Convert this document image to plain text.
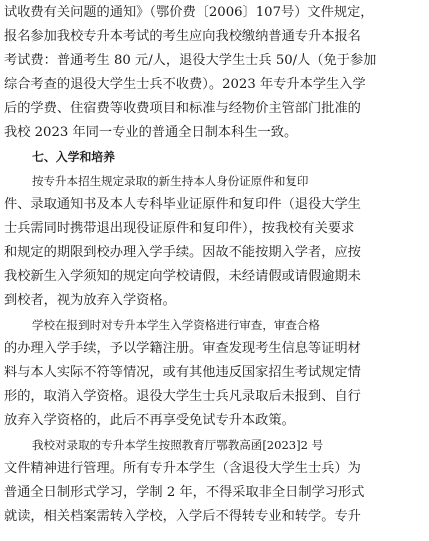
试收费有关问题的通知》（鄂价费〔2006〕107号）文件规定，
报名参加我校专升本考试的考生应向我校缴纳普通专升本报名
考试费：普通考生 80 元/人，退役大学生士兵 50/人（免于参加
综合考查的退役大学生士兵不收费）。2023 年专升本学生入学
后的学费、住宿费等收费项目和标准与经物价主管部门批准的
我校 2023 年同一专业的普通全日制本科生一致。
七、入学和培养
按专升本招生规定录取的新生持本人身份证原件和复印
件、录取通知书及本人专科毕业证原件和复印件（退役大学生
士兵需同时携带退出现役证原件和复印件），按我校有关要求
和规定的期限到校办理入学手续。因故不能按期入学者，应按
我校新生入学须知的规定向学校请假，未经请假或请假逾期未
到校者，视为放弃入学资格。
学校在报到时对专升本学生入学资格进行审查，审查合格
的办理入学手续，予以学籍注册。审查发现考生信息等证明材
料与本人实际不符等情况，或有其他违反国家招生考试规定情
形的，取消入学资格。退役大学生士兵凡录取后未报到、自行
放弃入学资格的，此后不再享受免试专升本政策。
我校对录取的专升本学生按照教育厅鄂教高函[2023]2 号
文件精神进行管理。所有专升本学生（含退役大学生士兵）为
普通全日制形式学习，学制 2 年，不得采取非全日制学习形式
就读，相关档案需转入学校，入学后不得转专业和转学。专升
